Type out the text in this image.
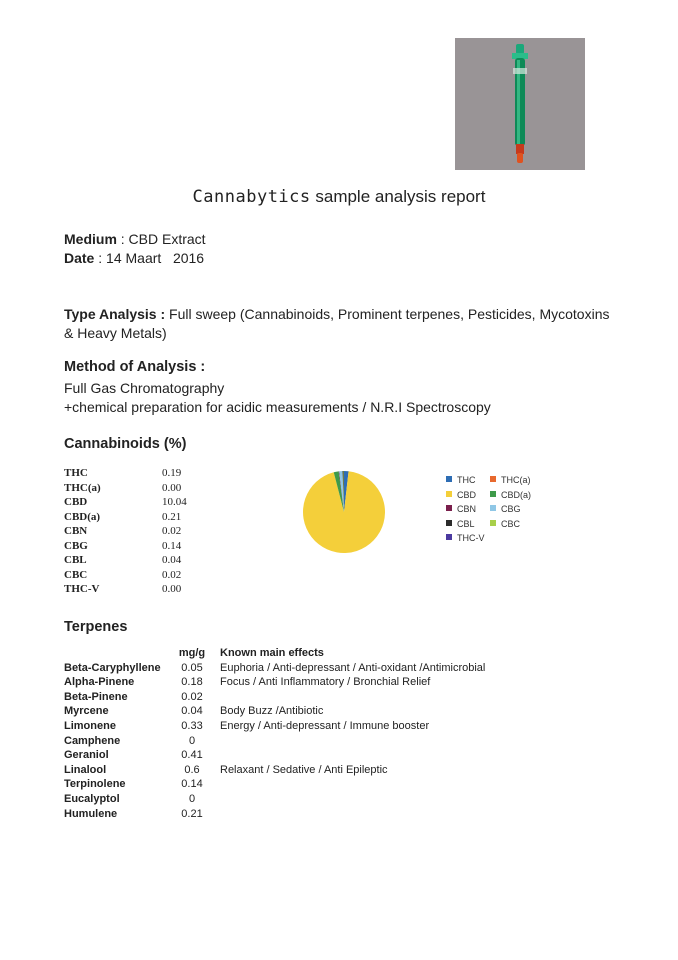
Cannabytics sample analysis report
Medium : CBD Extract
Date : 14 Maart   2016
Type Analysis : Full sweep (Cannabinoids, Prominent terpenes, Pesticides, Mycotoxins
& Heavy Metals)
Method of Analysis :
Full Gas Chromatography
+chemical preparation for acidic measurements / N.R.I Spectroscopy
Cannabinoids (%)
THC	0.19
THC(a)	0.00
CBD	10.04
CBD(a)	0.21
CBN	0.02
CBG	0.14
CBL	0.04
CBC	0.02
THC-V	0.00
THC	THC(a)
CBD	CBD(a)
CBN	CBG
CBL	CBC
THC-V
Terpenes
mg/g	Known main effects
Beta-Caryphyllene	0.05	Euphoria / Anti-depressant / Anti-oxidant /Antimicrobial
Alpha-Pinene	0.18	Focus / Anti Inflammatory / Bronchial Relief
Beta-Pinene	0.02
Myrcene	0.04	Body Buzz /Antibiotic
Limonene	0.33	Energy / Anti-depressant / Immune booster
Camphene	0
Geraniol	0.41
Linalool	0.6	Relaxant / Sedative / Anti Epileptic
Terpinolene	0.14
Eucalyptol	0
Humulene	0.21
